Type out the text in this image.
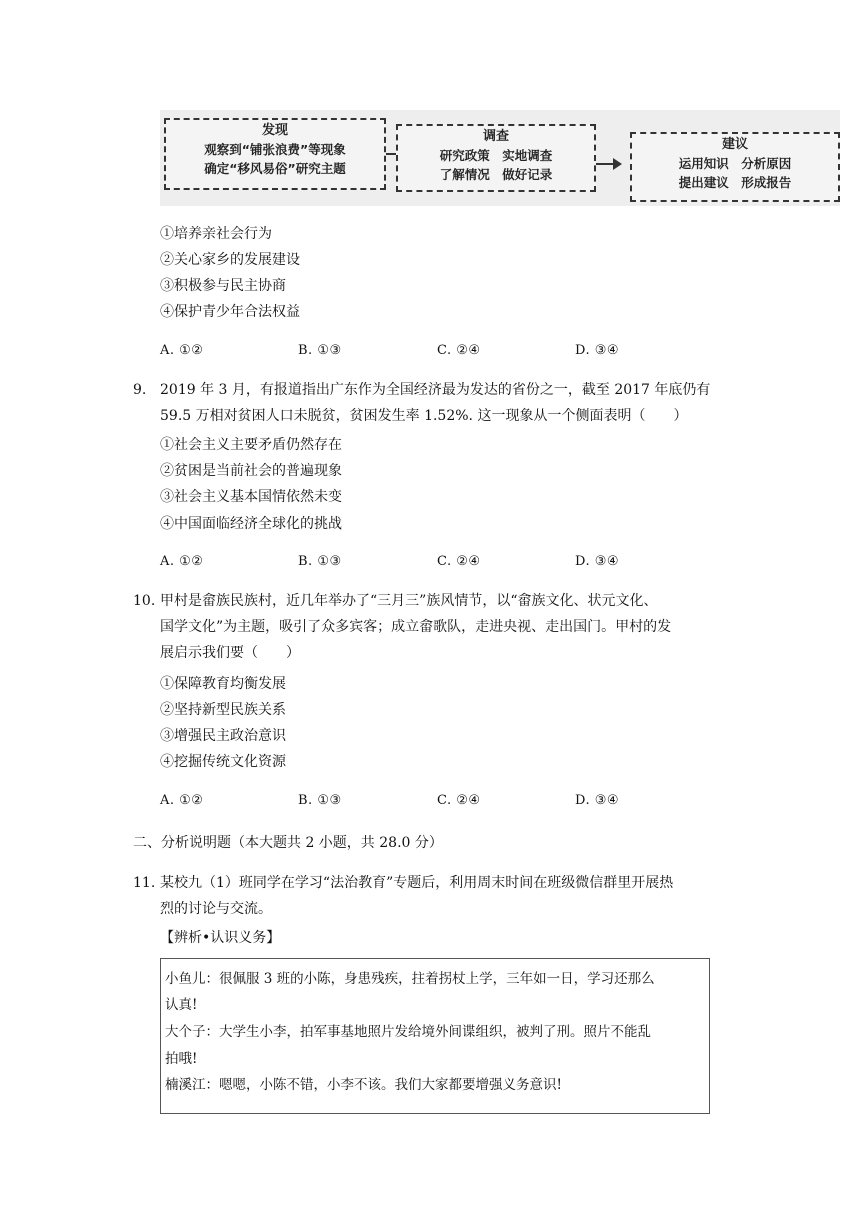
发现
观察到“铺张浪费”等现象
确定“移风易俗”研究主题
调查
研究政策　实地调查
了解情况　做好记录
建议
运用知识　分析原因
提出建议　形成报告
①培养亲社会行为
②关心家乡的发展建设
③积极参与民主协商
④保护青少年合法权益
A. ①②	B. ①③	C. ②④	D. ③④
9. 2019 年 3 月，有报道指出广东作为全国经济最为发达的省份之一，截至 2017 年底仍有
59.5 万相对贫困人口未脱贫，贫困发生率 1.52%. 这一现象从一个侧面表明（　　）
①社会主义主要矛盾仍然存在
②贫困是当前社会的普遍现象
③社会主义基本国情依然未变
④中国面临经济全球化的挑战
A. ①②	B. ①③	C. ②④	D. ③④
10. 甲村是畲族民族村，近几年举办了“三月三”族风情节，以“畲族文化、状元文化、
国学文化”为主题，吸引了众多宾客；成立畲歌队，走进央视、走出国门。甲村的发
展启示我们要（　　）
①保障教育均衡发展
②坚持新型民族关系
③增强民主政治意识
④挖掘传统文化资源
A. ①②	B. ①③	C. ②④	D. ③④
二、分析说明题（本大题共 2 小题，共 28.0 分）
11. 某校九（1）班同学在学习“法治教育”专题后，利用周末时间在班级微信群里开展热
烈的讨论与交流。
【辨析•认识义务】
小鱼儿：很佩服 3 班的小陈，身患残疾，拄着拐杖上学，三年如一日，学习还那么
认真!
大个子：大学生小李，拍军事基地照片发给境外间谍组织，被判了刑。照片不能乱
拍哦!
楠溪江：嗯嗯，小陈不错，小李不该。我们大家都要增强义务意识!
